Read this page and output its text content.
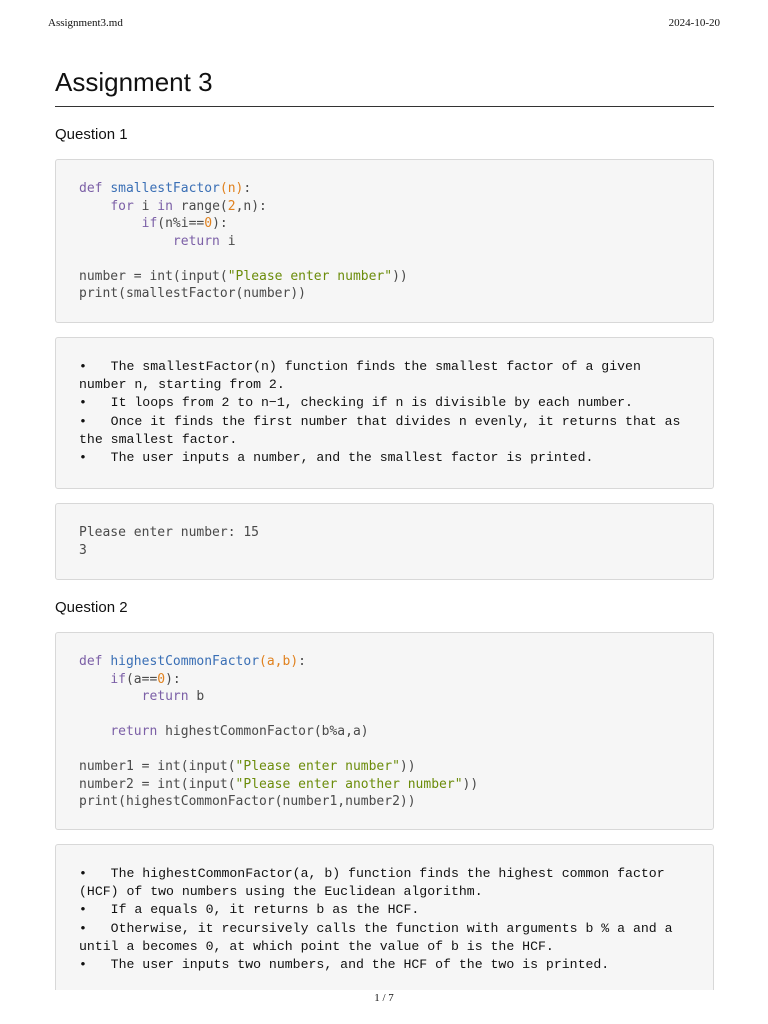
Assignment3.md	2024-10-20
Assignment 3
Question 1
def smallestFactor(n):
for i in range(2,n):
if(n%i==0):
return i

number = int(input("Please enter number"))
print(smallestFactor(number))
•   The smallestFactor(n) function finds the smallest factor of a given number n, starting from 2.
•   It loops from 2 to n−1, checking if n is divisible by each number.
•   Once it finds the first number that divides n evenly, it returns that as the smallest factor.
•   The user inputs a number, and the smallest factor is printed.
Please enter number: 15
3
Question 2
def highestCommonFactor(a,b):
if(a==0):
return b

return highestCommonFactor(b%a,a)

number1 = int(input("Please enter number"))
number2 = int(input("Please enter another number"))
print(highestCommonFactor(number1,number2))
•   The highestCommonFactor(a, b) function finds the highest common factor (HCF) of two numbers using the Euclidean algorithm.
•   If a equals 0, it returns b as the HCF.
•   Otherwise, it recursively calls the function with arguments b % a and a until a becomes 0, at which point the value of b is the HCF.
•   The user inputs two numbers, and the HCF of the two is printed.
1 / 7
